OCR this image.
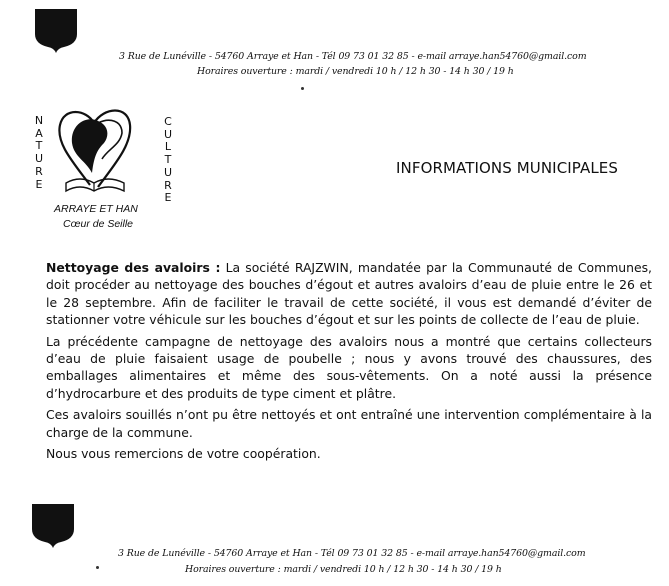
3 Rue de Lunéville - 54760 Arraye et Han - Tél 09 73 01 32 85 - e-mail arraye.han54760@gmail.com
Horaires ouverture : mardi / vendredi 10 h / 12 h 30 - 14 h 30 / 19 h
N
A
T
U
R
E
C
U
L
T
U
R
E
ARRAYE ET HAN
Cœur de Seille
INFORMATIONS MUNICIPALES

Nettoyage des avaloirs : La société RAJZWIN, mandatée par la Communauté de Communes, doit procéder au nettoyage des bouches d’égout et autres avaloirs d’eau de pluie entre le 26 et le 28 septembre. Afin de faciliter le travail de cette société, il vous est demandé d’éviter de stationner votre véhicule sur les bouches d’égout et sur les points de collecte de l’eau de pluie.

La précédente campagne de nettoyage des avaloirs nous a montré que certains collecteurs d’eau de pluie faisaient usage de poubelle ; nous y avons trouvé des chaussures, des emballages alimentaires et même des sous-vêtements. On a noté aussi la présence d’hydrocarbure et des produits de type ciment et plâtre.

Ces avaloirs souillés n’ont pu être nettoyés et ont entraîné une intervention complémentaire à la charge de la commune.

Nous vous remercions de votre coopération.

3 Rue de Lunéville - 54760 Arraye et Han - Tél 09 73 01 32 85 - e-mail arraye.han54760@gmail.com
Horaires ouverture : mardi / vendredi 10 h / 12 h 30 - 14 h 30 / 19 h
